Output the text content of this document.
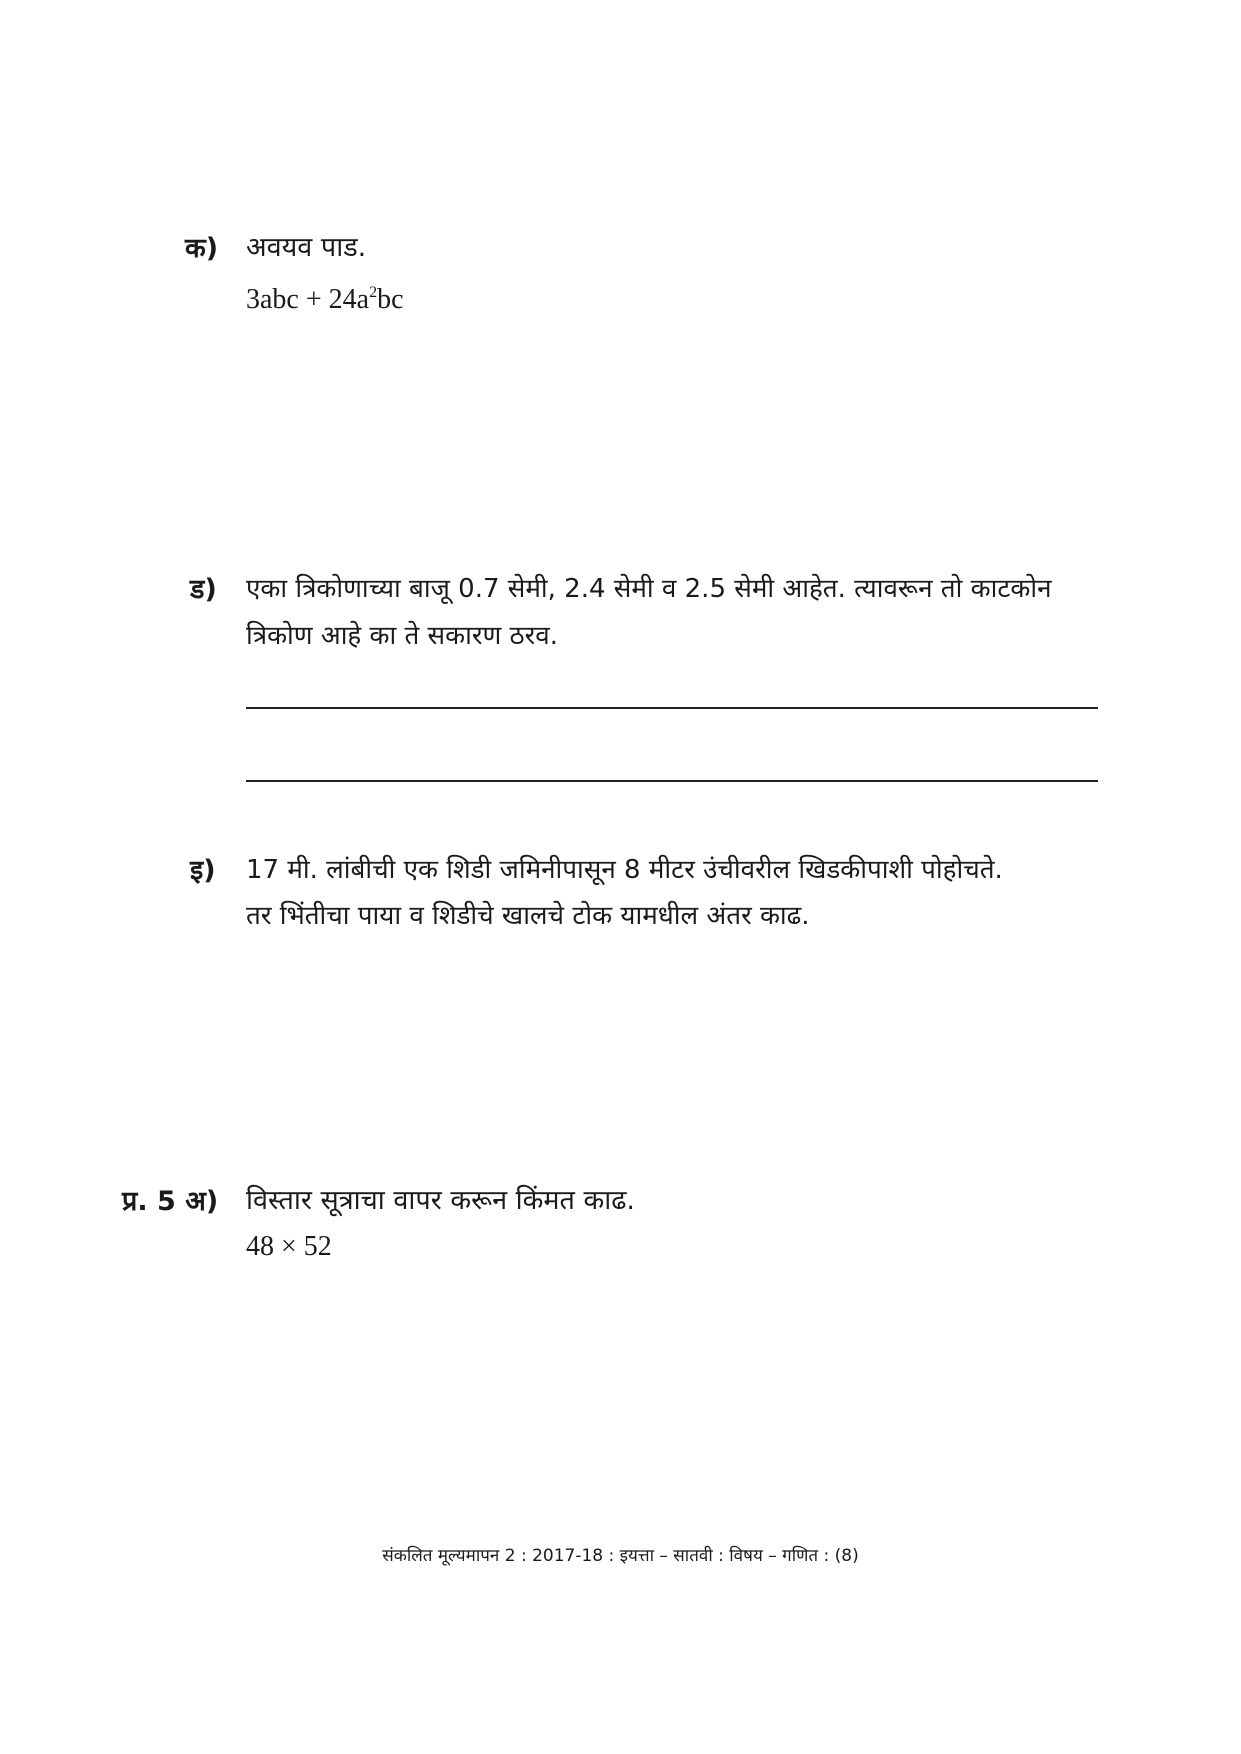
क) अवयव पाड.
$3abc + 24a^2bc$
ड) एका त्रिकोणाच्या बाजू 0.7 सेमी, 2.4 सेमी व 2.5 सेमी आहेत. त्यावरून तो काटकोन
त्रिकोण आहे का ते सकारण ठरव.
इ) 17 मी. लांबीची एक शिडी जमिनीपासून 8 मीटर उंचीवरील खिडकीपाशी पोहोचते.
तर भिंतीचा पाया व शिडीचे खालचे टोक यामधील अंतर काढ.
प्र. 5 अ) विस्तार सूत्राचा वापर करून किंमत काढ.
48 × 52
संकलित मूल्यमापन 2 : 2017-18 : इयत्ता – सातवी : विषय – गणित : (8)
